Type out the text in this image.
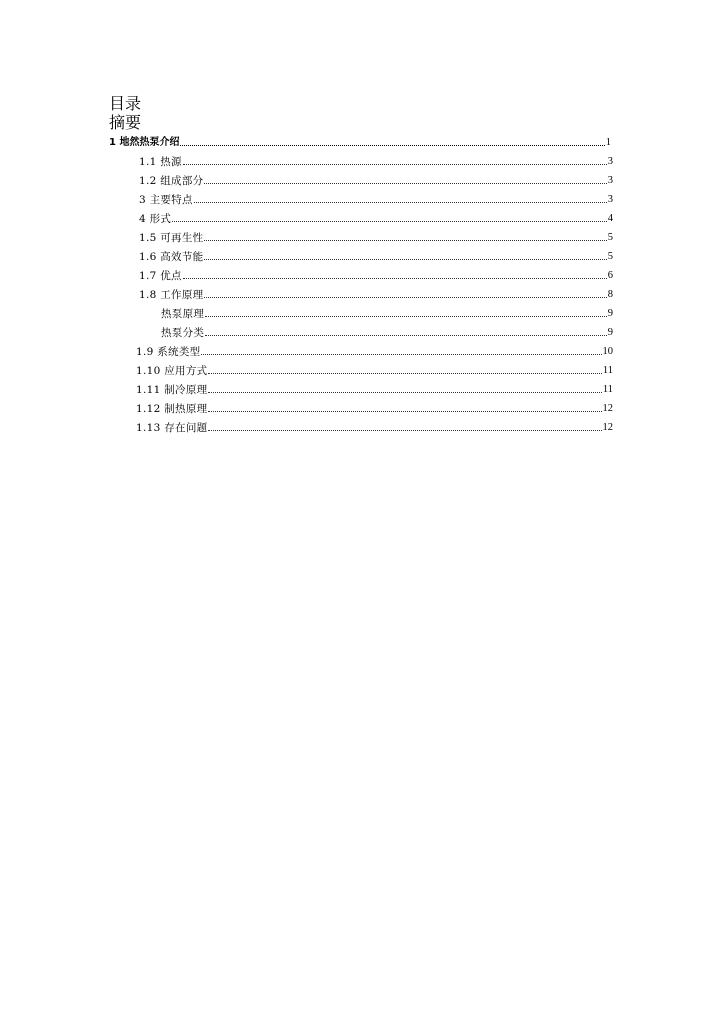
目录
摘要
1 地然热泵介绍	1
1.1 热源	3
1.2 组成部分	3
3 主要特点	3
4 形式	4
1.5 可再生性	5
1.6 高效节能	5
1.7 优点	6
1.8 工作原理	8
热泵原理	9
热泵分类	9
1.9 系统类型	10
1.10 应用方式	11
1.11 制冷原理	11
1.12 制热原理	12
1.13 存在问题	12
